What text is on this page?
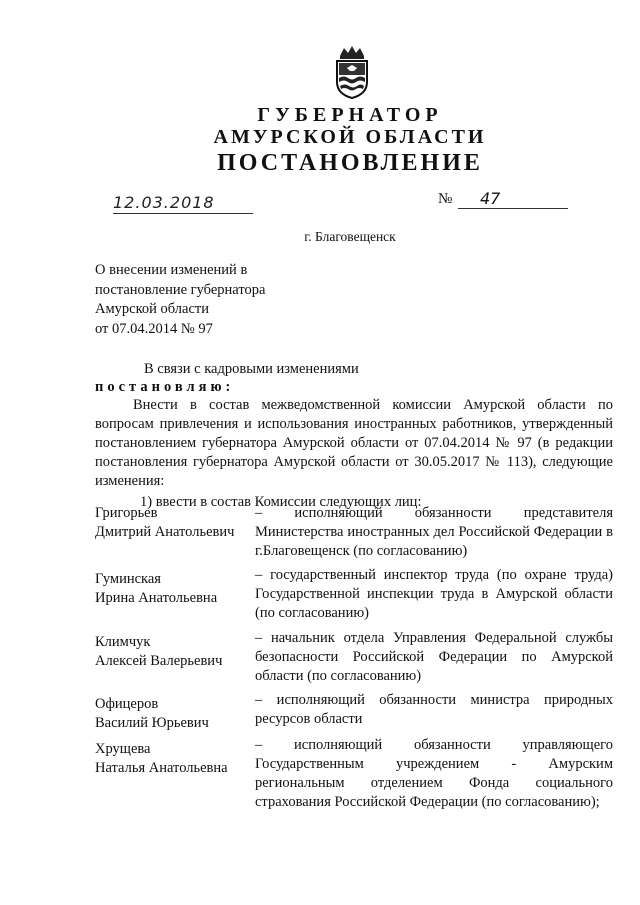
ГУБЕРНАТОР
АМУРСКОЙ ОБЛАСТИ
ПОСТАНОВЛЕНИЕ
12.03.2018	№	47
г. Благовещенск
О внесении изменений в
постановление губернатора
Амурской области
от 07.04.2014 № 97
В связи с кадровыми изменениями
постановляю:
Внести в состав межведомственной комиссии Амурской области по вопросам привлечения и использования иностранных работников, утвержденный постановлением губернатора Амурской области от 07.04.2014 № 97 (в редакции постановления губернатора Амурской области от 30.05.2017 № 113), следующие изменения:
1) ввести в состав Комиссии следующих лиц:
Григорьев
Дмитрий Анатольевич
– исполняющий обязанности представителя Министерства иностранных дел Российской Федерации в г.Благовещенск (по согласованию)
Гуминская
Ирина Анатольевна
– государственный инспектор труда (по охране труда) Государственной инспекции труда в Амурской области (по согласованию)
Климчук
Алексей Валерьевич
– начальник отдела Управления Федеральной службы безопасности Российской Федерации по Амурской области (по согласованию)
Офицеров
Василий Юрьевич
– исполняющий обязанности министра природных ресурсов области
Хрущева
Наталья Анатольевна
– исполняющий обязанности управляющего Государственным учреждением - Амурским региональным отделением Фонда социального страхования Российской Федерации (по согласованию);
